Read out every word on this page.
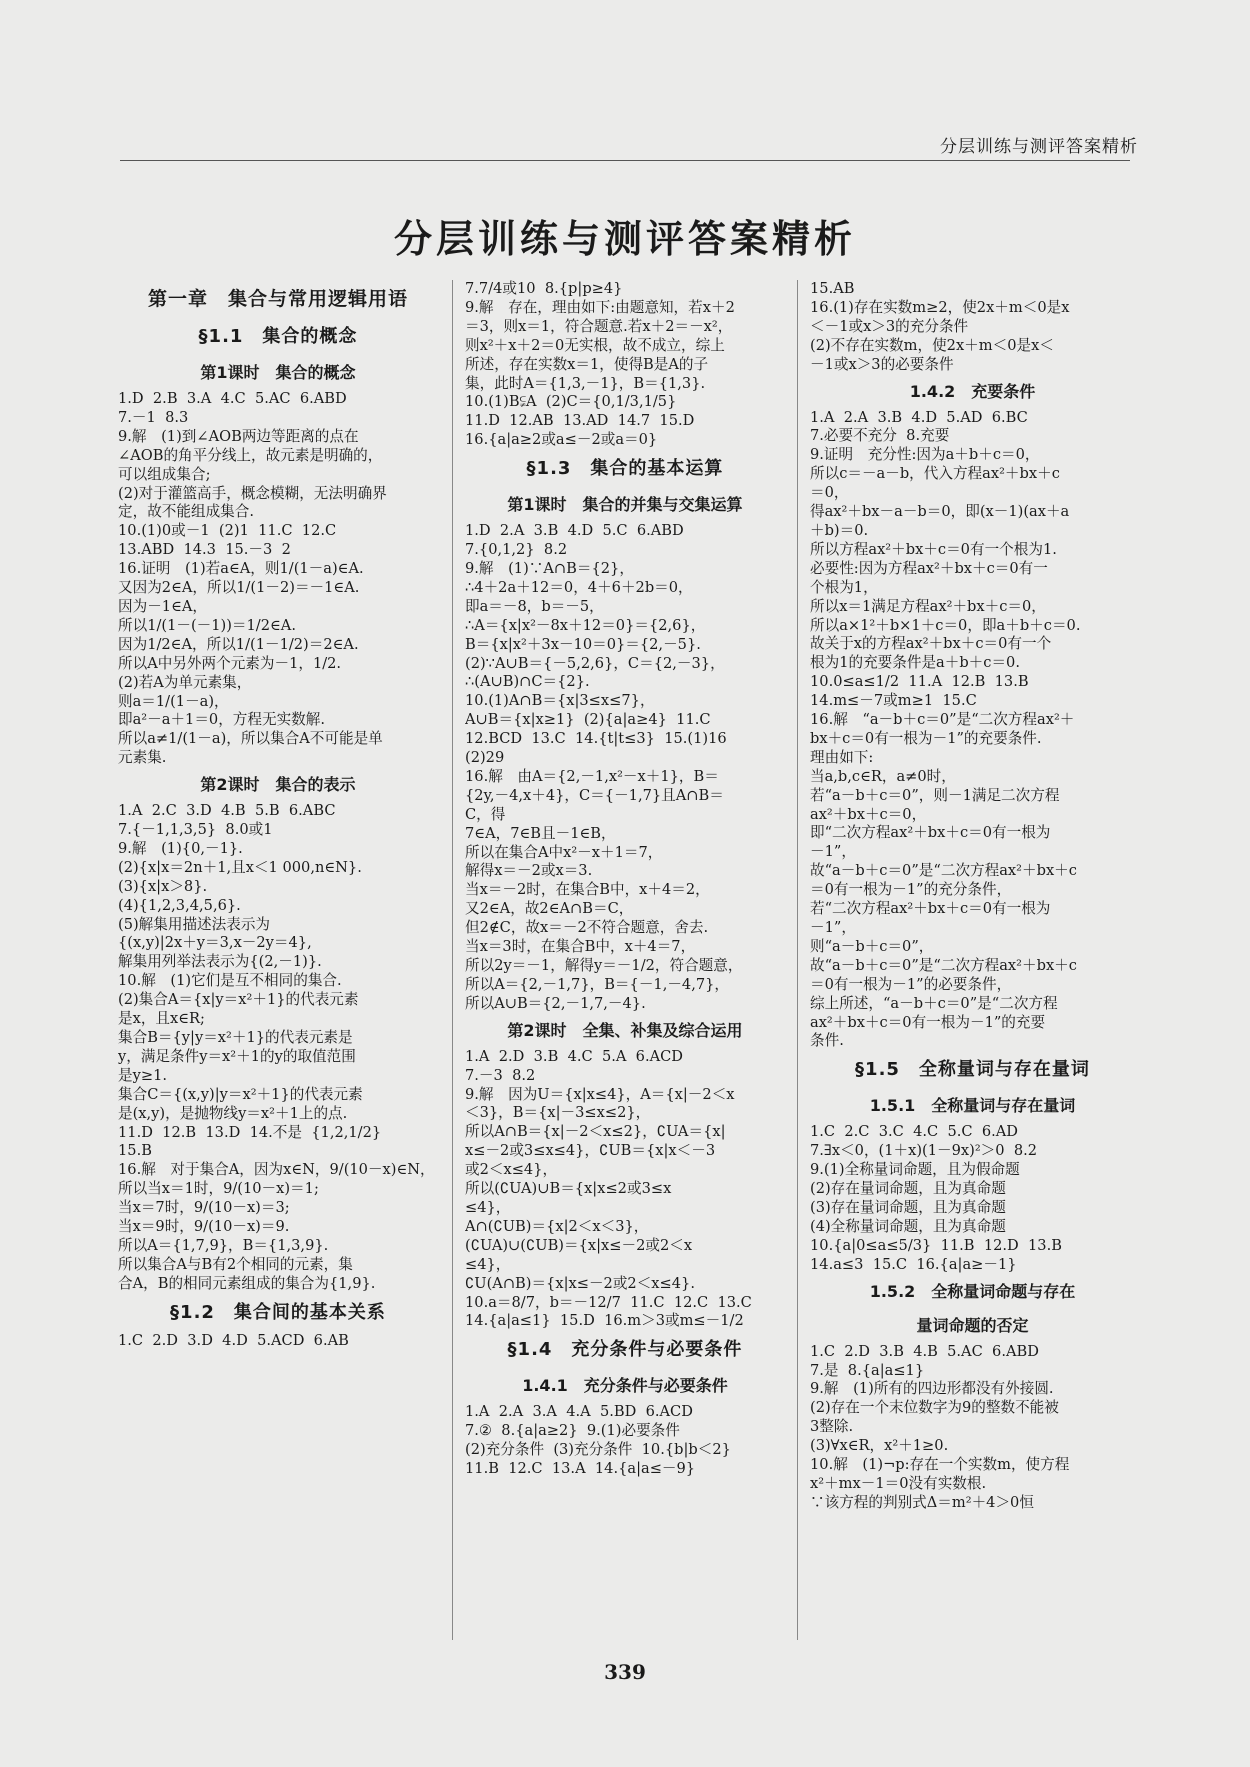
分层训练与测评答案精析
分层训练与测评答案精析
第一章　集合与常用逻辑用语
§1.1　集合的概念
第1课时　集合的概念
1.D  2.B  3.A  4.C  5.AC  6.ABD
7.－1  8.3
9.解　(1)到∠AOB两边等距离的点在
∠AOB的角平分线上，故元素是明确的，
可以组成集合;
(2)对于灌篮高手，概念模糊，无法明确界
定，故不能组成集合.
10.(1)0或－1  (2)1  11.C  12.C
13.ABD  14.3  15.－3  2
16.证明　(1)若a∈A，则1/(1－a)∈A.
又因为2∈A，所以1/(1－2)＝－1∈A.
因为－1∈A，
所以1/(1－(－1))＝1/2∈A.
因为1/2∈A，所以1/(1－1/2)＝2∈A.
所以A中另外两个元素为－1，1/2.
(2)若A为单元素集，
则a＝1/(1－a)，
即a²－a＋1＝0，方程无实数解.
所以a≠1/(1－a)，所以集合A不可能是单
元素集.
第2课时　集合的表示
1.A  2.C  3.D  4.B  5.B  6.ABC
7.{－1,1,3,5}  8.0或1
9.解　(1){0,－1}.
(2){x|x＝2n＋1,且x＜1 000,n∈N}.
(3){x|x＞8}.
(4){1,2,3,4,5,6}.
(5)解集用描述法表示为
{(x,y)|2x＋y＝3,x－2y＝4},
解集用列举法表示为{(2,－1)}.
10.解　(1)它们是互不相同的集合.
(2)集合A＝{x|y＝x²＋1}的代表元素
是x，且x∈R;
集合B＝{y|y＝x²＋1}的代表元素是
y，满足条件y＝x²＋1的y的取值范围
是y≥1.
集合C＝{(x,y)|y＝x²＋1}的代表元素
是(x,y)，是抛物线y＝x²＋1上的点.
11.D  12.B  13.D  14.不是  {1,2,1/2}
15.B
16.解　对于集合A，因为x∈N，9/(10－x)∈N，
所以当x＝1时，9/(10－x)＝1;
当x＝7时，9/(10－x)＝3;
当x＝9时，9/(10－x)＝9.
所以A＝{1,7,9}，B＝{1,3,9}.
所以集合A与B有2个相同的元素，集
合A，B的相同元素组成的集合为{1,9}.
§1.2　集合间的基本关系
1.C  2.D  3.D  4.D  5.ACD  6.AB
7.7/4或10  8.{p|p≥4}
9.解　存在，理由如下:由题意知，若x＋2
＝3，则x＝1，符合题意.若x＋2＝－x²，
则x²＋x＋2＝0无实根，故不成立，综上
所述，存在实数x＝1，使得B是A的子
集，此时A＝{1,3,－1}，B＝{1,3}.
10.(1)B⫋A  (2)C＝{0,1/3,1/5}
11.D  12.AB  13.AD  14.7  15.D
16.{a|a≥2或a≤－2或a＝0}
§1.3　集合的基本运算
第1课时　集合的并集与交集运算
1.D  2.A  3.B  4.D  5.C  6.ABD
7.{0,1,2}  8.2
9.解　(1)∵A∩B＝{2}，
∴4＋2a＋12＝0，4＋6＋2b＝0，
即a＝－8，b＝－5，
∴A＝{x|x²－8x＋12＝0}＝{2,6}，
B＝{x|x²＋3x－10＝0}＝{2,－5}.
(2)∵A∪B＝{－5,2,6}，C＝{2,－3}，
∴(A∪B)∩C＝{2}.
10.(1)A∩B＝{x|3≤x≤7}，
A∪B＝{x|x≥1}  (2){a|a≥4}  11.C
12.BCD  13.C  14.{t|t≤3}  15.(1)16
(2)29
16.解　由A＝{2,－1,x²－x＋1}，B＝
{2y,－4,x＋4}，C＝{－1,7}且A∩B＝
C，得
7∈A，7∈B且－1∈B，
所以在集合A中x²－x＋1＝7，
解得x＝－2或x＝3.
当x＝－2时，在集合B中，x＋4＝2，
又2∈A，故2∈A∩B＝C，
但2∉C，故x＝－2不符合题意，舍去.
当x＝3时，在集合B中，x＋4＝7，
所以2y＝－1，解得y＝－1/2，符合题意，
所以A＝{2,－1,7}，B＝{－1,－4,7}，
所以A∪B＝{2,－1,7,－4}.
第2课时　全集、补集及综合运用
1.A  2.D  3.B  4.C  5.A  6.ACD
7.－3  8.2
9.解　因为U＝{x|x≤4}，A＝{x|－2＜x
＜3}，B＝{x|－3≤x≤2}，
所以A∩B＝{x|－2＜x≤2}，∁UA＝{x|
x≤－2或3≤x≤4}，∁UB＝{x|x＜－3
或2＜x≤4}，
所以(∁UA)∪B＝{x|x≤2或3≤x
≤4}，
A∩(∁UB)＝{x|2＜x＜3}，
(∁UA)∪(∁UB)＝{x|x≤－2或2＜x
≤4}，
∁U(A∩B)＝{x|x≤－2或2＜x≤4}.
10.a＝8/7，b＝－12/7  11.C  12.C  13.C
14.{a|a≤1}  15.D  16.m＞3或m≤－1/2
§1.4　充分条件与必要条件
1.4.1　充分条件与必要条件
1.A  2.A  3.A  4.A  5.BD  6.ACD
7.②  8.{a|a≥2}  9.(1)必要条件
(2)充分条件  (3)充分条件  10.{b|b＜2}
11.B  12.C  13.A  14.{a|a≤－9}
15.AB
16.(1)存在实数m≥2，使2x＋m＜0是x
＜－1或x＞3的充分条件
(2)不存在实数m，使2x＋m＜0是x＜
－1或x＞3的必要条件
1.4.2　充要条件
1.A  2.A  3.B  4.D  5.AD  6.BC
7.必要不充分  8.充要
9.证明　充分性:因为a＋b＋c＝0，
所以c＝－a－b，代入方程ax²＋bx＋c
＝0，
得ax²＋bx－a－b＝0，即(x－1)(ax＋a
＋b)＝0.
所以方程ax²＋bx＋c＝0有一个根为1.
必要性:因为方程ax²＋bx＋c＝0有一
个根为1，
所以x＝1满足方程ax²＋bx＋c＝0，
所以a×1²＋b×1＋c＝0，即a＋b＋c＝0.
故关于x的方程ax²＋bx＋c＝0有一个
根为1的充要条件是a＋b＋c＝0.
10.0≤a≤1/2  11.A  12.B  13.B
14.m≤－7或m≥1  15.C
16.解　“a－b＋c＝0”是“二次方程ax²＋
bx＋c＝0有一根为－1”的充要条件.
理由如下:
当a,b,c∈R，a≠0时，
若“a－b＋c＝0”，则－1满足二次方程
ax²＋bx＋c＝0，
即“二次方程ax²＋bx＋c＝0有一根为
－1”，
故“a－b＋c＝0”是“二次方程ax²＋bx＋c
＝0有一根为－1”的充分条件，
若“二次方程ax²＋bx＋c＝0有一根为
－1”，
则“a－b＋c＝0”，
故“a－b＋c＝0”是“二次方程ax²＋bx＋c
＝0有一根为－1”的必要条件，
综上所述，“a－b＋c＝0”是“二次方程
ax²＋bx＋c＝0有一根为－1”的充要
条件.
§1.5　全称量词与存在量词
1.5.1　全称量词与存在量词
1.C  2.C  3.C  4.C  5.C  6.AD
7.∃x＜0，(1＋x)(1－9x)²＞0  8.2
9.(1)全称量词命题，且为假命题
(2)存在量词命题，且为真命题
(3)存在量词命题，且为真命题
(4)全称量词命题，且为真命题
10.{a|0≤a≤5/3}  11.B  12.D  13.B
14.a≤3  15.C  16.{a|a≥－1}
1.5.2　全称量词命题与存在
量词命题的否定
1.C  2.D  3.B  4.B  5.AC  6.ABD
7.是  8.{a|a≤1}
9.解　(1)所有的四边形都没有外接圆.
(2)存在一个末位数字为9的整数不能被
3整除.
(3)∀x∈R，x²＋1≥0.
10.解　(1)¬p:存在一个实数m，使方程
x²＋mx－1＝0没有实数根.
∵该方程的判别式Δ＝m²＋4＞0恒
339
